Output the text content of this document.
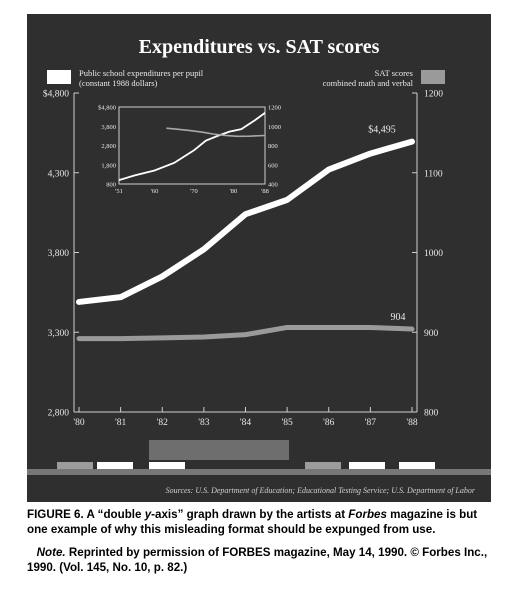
Expenditures vs. SAT scores
Public school expenditures per pupil
(constant 1988 dollars)
SAT scores
combined math and verbal
$4,800
4,300
3,800
3,300
2,800
1200
1100
1000
900
800
'80	'81	'82	'83	'84	'85	'86	'87	'88
$4,495
904
$4,800
3,800
2,800
1,800
800
1200
1000
800
600
400
'51	'60	'70	'80	'88
Sources: U.S. Department of Education; Educational Testing Service; U.S. Department of Labor
FIGURE 6. A “double y-axis” graph drawn by the artists at Forbes magazine is but one example of why this misleading format should be expunged from use.
Note. Reprinted by permission of FORBES magazine, May 14, 1990. © Forbes Inc., 1990. (Vol. 145, No. 10, p. 82.)
